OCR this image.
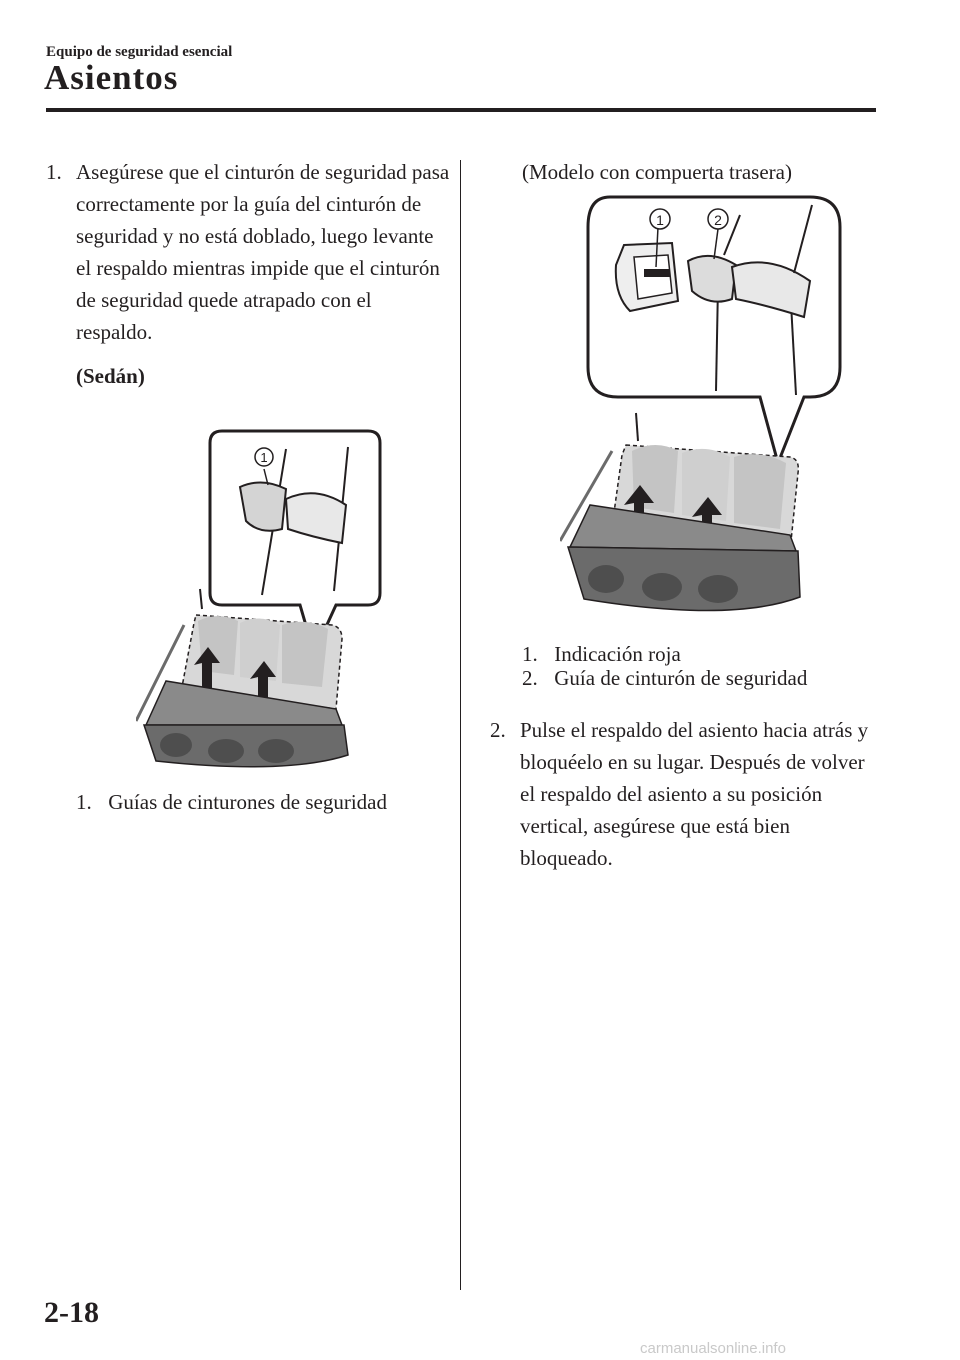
Equipo de seguridad esencial
Asientos
1. Asegúrese que el cinturón de seguridad pasa correctamente por la guía del cinturón de seguridad y no está doblado, luego levante el respaldo mientras impide que el cinturón de seguridad quede atrapado con el respaldo.
(Sedán)
1
1. Guías de cinturones de seguridad
(Modelo con compuerta trasera)
1	2
1. Indicación roja
2. Guía de cinturón de seguridad
2. Pulse el respaldo del asiento hacia atrás y bloquéelo en su lugar. Después de volver el respaldo del asiento a su posición vertical, asegúrese que está bien bloqueado.
2-18
carmanualsonline.info
